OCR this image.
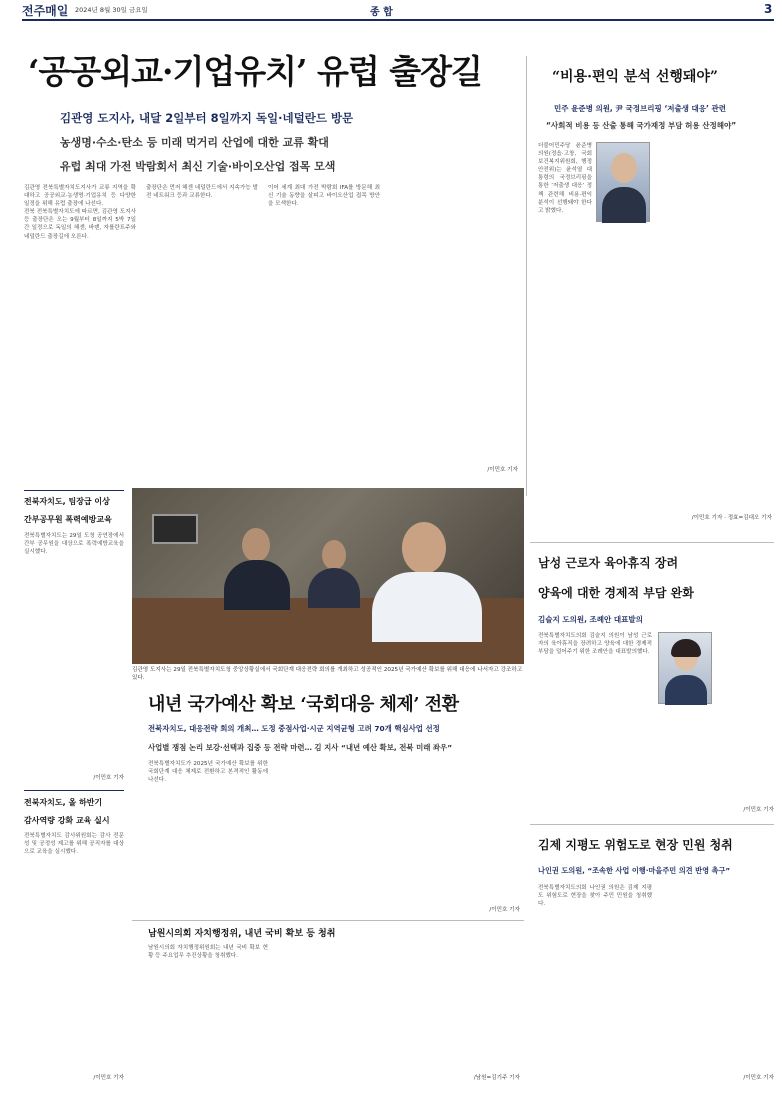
전주매일 2024년 8월 30일 금요일	종 합	3
‘공공외교·기업유치’ 유럽 출장길
김관영 도지사, 내달 2일부터 8일까지 독일·네덜란드 방문
농생명·수소·탄소 등 미래 먹거리 산업에 대한 교류 확대
유럽 최대 가전 박람회서 최신 기술·바이오산업 접목 모색

김관영 전북특별자치도지사가 교류 지역을 확대하고 공공외교·농생명·기업유치 등 다양한 일정을 위해 유럽 출장에 나선다.

전북 전북특별자치도에 따르면, 김관영 도지사 등 출장단은 오는 9월부터 8일까지 5박 7일 간 일정으로 독일의 헤센, 바덴, 자를란트주와 네덜란드 출장길에 오른다.

출장단은 먼저 헤센 네덜란드에서 지속가능 발전 네트워크 등과 교류한다.

이어 세계 최대 가전 박람회 IFA를 방문해 최신 기술 동향을 살피고 바이오산업 접목 방안을 모색한다.

/이민호 기자
“비용·편익 분석 선행돼야”
민주 윤준병 의원, 尹 국정브리핑 ‘저출생 대응’ 관련
“사회적 비용 등 산출 통해 국가재정 부담 허용 산정해야”

더불어민주당 윤준병 의원(정읍·고창, 국회 보건복지위원회, 행정안전위)는 윤석열 대통령의 국정브리핑을 통한 ‘저출생 대응’ 정책 관련해 비용·편익 분석이 선행돼야 한다고 밝혔다.

/이민호 기자 · 정효=김대오 기자
전북자치도, 팀장급 이상
간부공무원 폭력예방교육

전북특별자치도는 29일 도청 공연장에서 간부 공무원을 대상으로 폭력예방교육을 실시했다.

/이민호 기자
전북자치도, 올 하반기
감사역량 강화 교육 실시

전북특별자치도 감사위원회는 감사 전문성 및 공정성 제고를 위해 공직자를 대상으로 교육을 실시했다.

/이민호 기자
김관영 도지사는 29일 전북특별자치도청 중앙상황실에서 국회단계 대응전략 회의를 개최하고 성공적인 2025년 국가예산 확보를 위해 대응에 나서자고 강조하고 있다.
내년 국가예산 확보 ‘국회대응 체제’ 전환
전북자치도, 대응전략 회의 개최… 도정 중점사업·시군 지역균형 고려 70개 핵심사업 선정
사업별 쟁점 논리 보강·선택과 집중 등 전략 마련… 김 지사 “내년 예산 확보, 전북 미래 좌우”

전북특별자치도가 2025년 국가예산 확보를 위한 국회단계 대응 체제로 전환하고 본격적인 활동에 나선다.

/이민호 기자
남원시의회 자치행정위, 내년 국비 확보 등 청취

남원시의회 자치행정위원회는 내년 국비 확보 현황 등 주요업무 추진상황을 청취했다.

/남원=김기주 기자
남성 근로자 육아휴직 장려
양육에 대한 경제적 부담 완화
김슬지 도의원, 조례안 대표발의

전북특별자치도의회 김슬지 의원이 남성 근로자의 육아휴직을 장려하고 양육에 대한 경제적 부담을 덜어주기 위한 조례안을 대표발의했다.

/이민호 기자
김제 지평도 위험도로 현장 민원 청취
나인권 도의원, “조속한 사업 이행·마을주민 의견 반영 촉구”

전북특별자치도의회 나인권 의원은 김제 지평도 위험도로 현장을 찾아 주민 민원을 청취했다.

/이민호 기자
